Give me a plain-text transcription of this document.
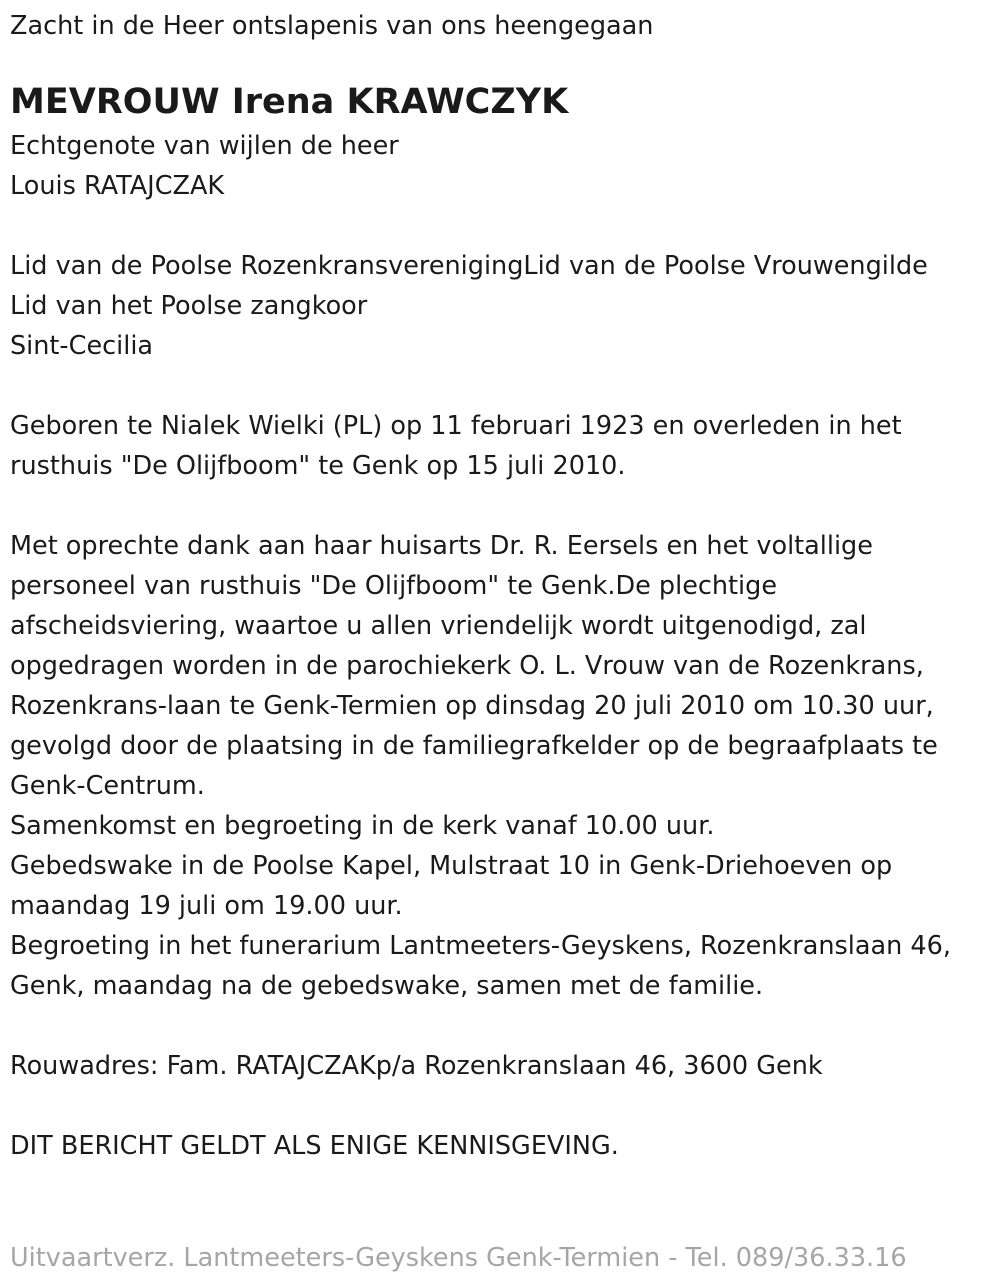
Zacht in de Heer ontslapenis van ons heengegaan

MEVROUW Irena KRAWCZYK

Echtgenote van wijlen de heer

Louis RATAJCZAK

Lid van de Poolse RozenkransverenigingLid van de Poolse Vrouwengilde

Lid van het Poolse zangkoor

Sint-Cecilia

Geboren te Nialek Wielki (PL) op 11 februari 1923 en overleden in het

rusthuis "De Olijfboom" te Genk op 15 juli 2010.

Met oprechte dank aan haar huisarts Dr. R. Eersels en het voltallige

personeel van rusthuis "De Olijfboom" te Genk.De plechtige

afscheidsviering, waartoe u allen vriendelijk wordt uitgenodigd, zal

opgedragen worden in de parochiekerk O. L. Vrouw van de Rozenkrans,

Rozenkrans-laan te Genk-Termien op dinsdag 20 juli 2010 om 10.30 uur,

gevolgd door de plaatsing in de familiegrafkelder op de begraafplaats te

Genk-Centrum.

Samenkomst en begroeting in de kerk vanaf 10.00 uur.

Gebedswake in de Poolse Kapel, Mulstraat 10 in Genk-Driehoeven op

maandag 19 juli om 19.00 uur.

Begroeting in het funerarium Lantmeeters-Geyskens, Rozenkranslaan 46,

Genk, maandag na de gebedswake, samen met de familie.

Rouwadres: Fam. RATAJCZAKp/a Rozenkranslaan 46, 3600 Genk

DIT BERICHT GELDT ALS ENIGE KENNISGEVING.

Uitvaartverz. Lantmeeters-Geyskens Genk-Termien - Tel. 089/36.33.16
